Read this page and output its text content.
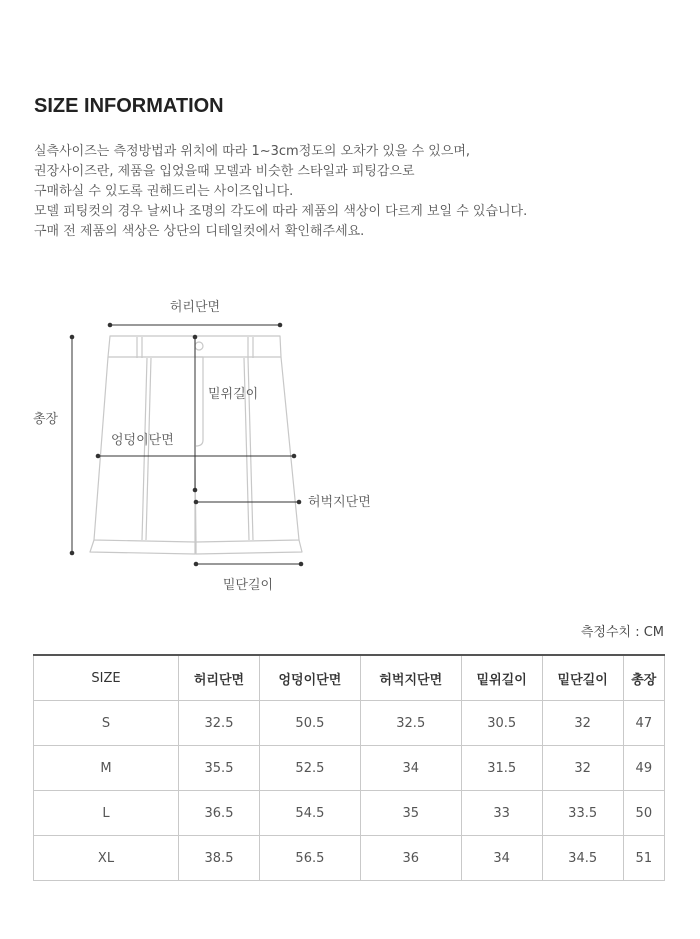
SIZE INFORMATION
실측사이즈는 측정방법과 위치에 따라 1~3cm정도의 오차가 있을 수 있으며,
권장사이즈란, 제품을 입었을때 모델과 비슷한 스타일과 피팅감으로
구매하실 수 있도록 권해드리는 사이즈입니다.
모델 피팅컷의 경우 날씨나 조명의 각도에 따라 제품의 색상이 다르게 보일 수 있습니다.
구매 전 제품의 색상은 상단의 디테일컷에서 확인해주세요.
허리단면
총장
밑위길이
엉덩이단면
허벅지단면
밑단길이
측정수치 : CM
SIZE	허리단면	엉덩이단면	허벅지단면	밑위길이	밑단길이	총장
S	32.5	50.5	32.5	30.5	32	47
M	35.5	52.5	34	31.5	32	49
L	36.5	54.5	35	33	33.5	50
XL	38.5	56.5	36	34	34.5	51
